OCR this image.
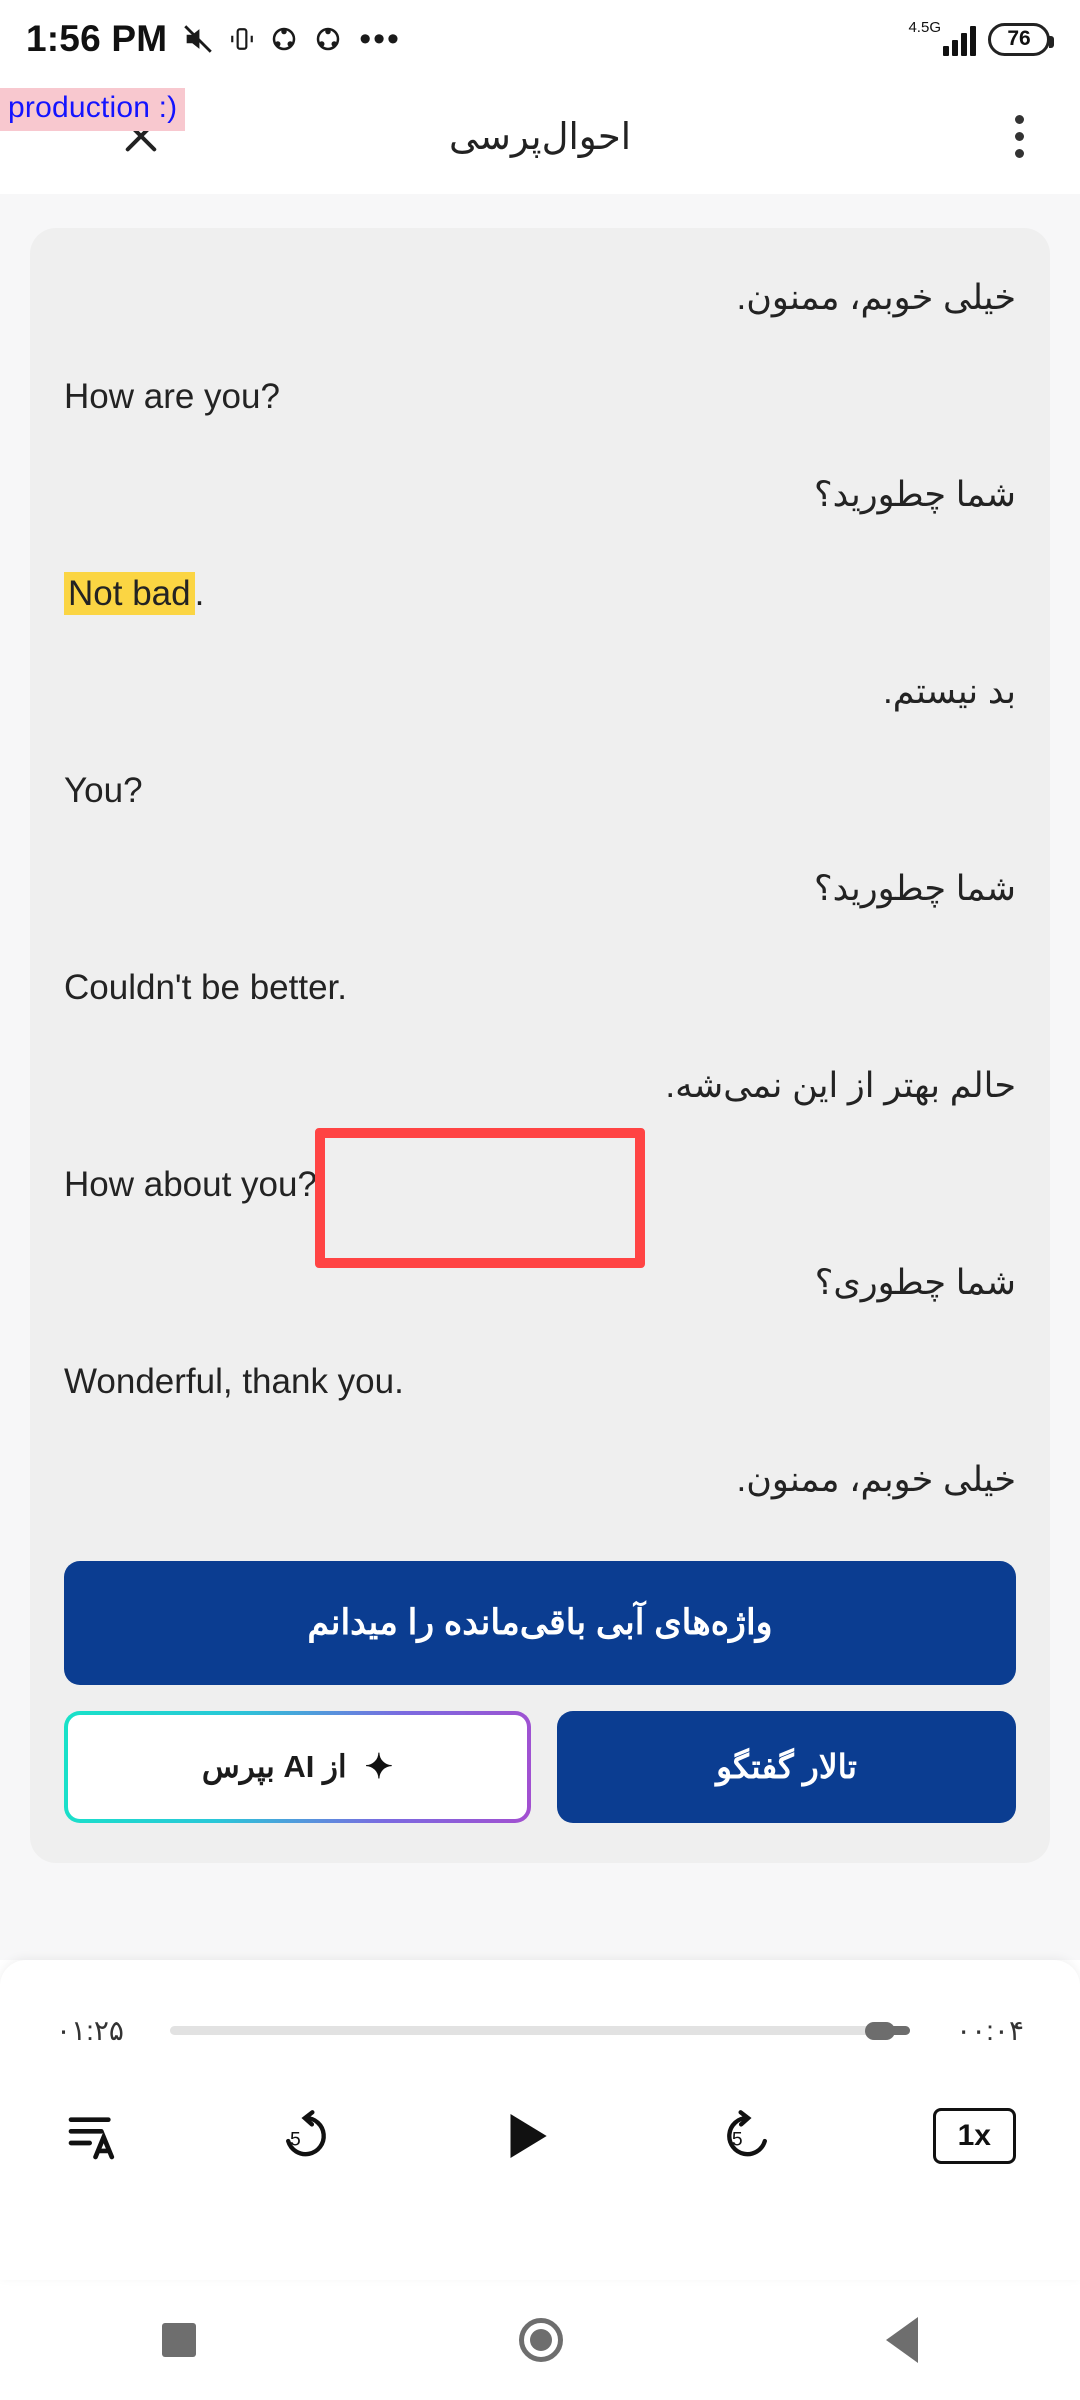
1:56 PM	•••	4.5G	76
production :)
احوال‌پرسی

خیلی خوبم، ممنون.

How are you?

شما چطورید؟

Not bad .

بد نیستم.

You?

شما چطورید؟

Couldn't be better.

حالم بهتر از این نمی‌شه.

How about you?

شما چطوری؟

Wonderful, thank you.

خیلی خوبم، ممنون.

واژه‌های آبی باقی‌مانده را میدانم
تالار گفتگو
✦
از AI بپرس
۰۰:۰۴
۰۱:۲۵
1x
5
5
